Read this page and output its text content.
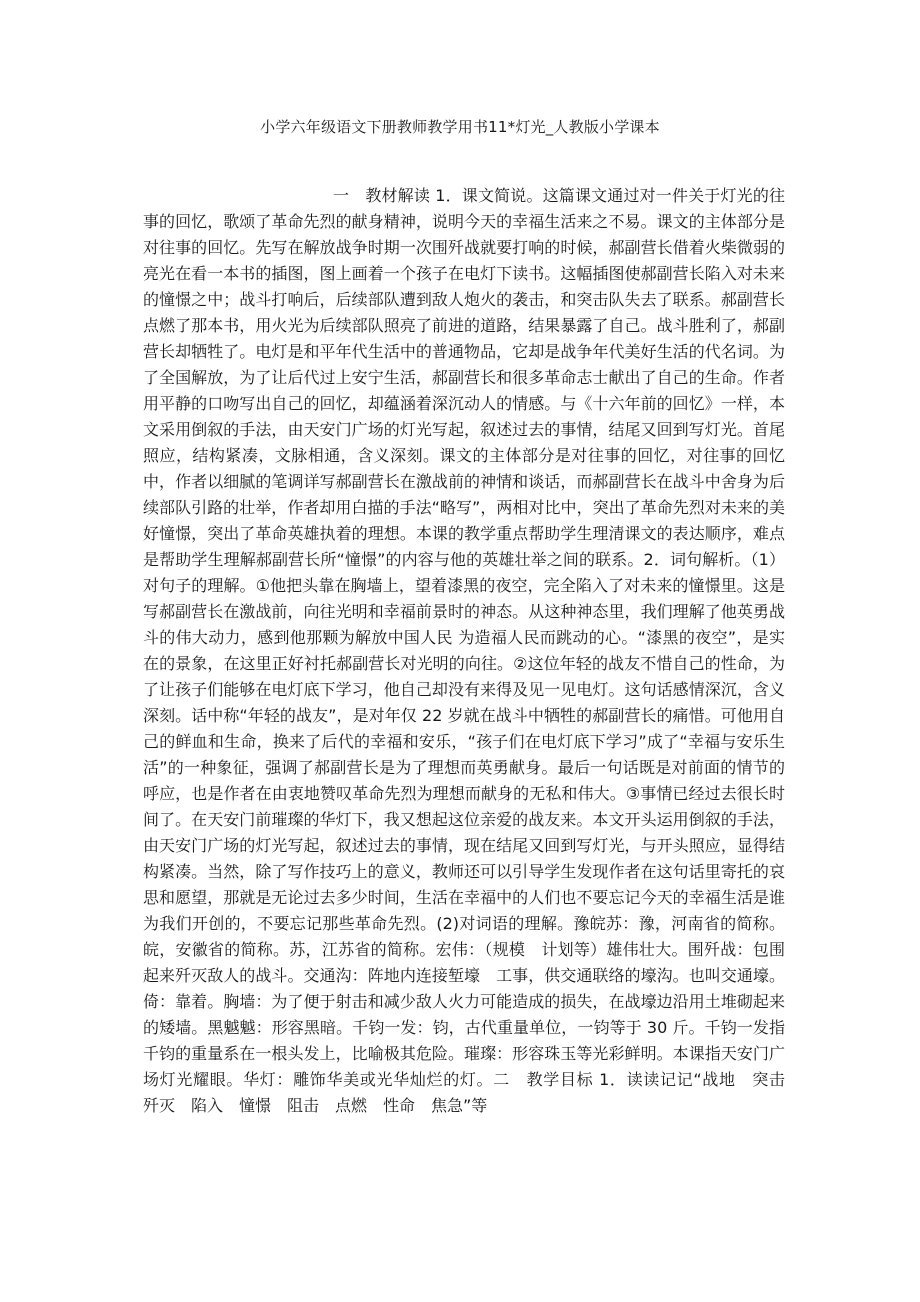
小学六年级语文下册教师教学用书11*灯光_人教版小学课本
一　教材解读 1．课文简说。这篇课文通过对一件关于灯光的往事的回忆，歌颂了革命先烈的献身精神，说明今天的幸福生活来之不易。课文的主体部分是对往事的回忆。先写在解放战争时期一次围歼战就要打响的时候，郝副营长借着火柴微弱的亮光在看一本书的插图，图上画着一个孩子在电灯下读书。这幅插图使郝副营长陷入对未来的憧憬之中；战斗打响后，后续部队遭到敌人炮火的袭击，和突击队失去了联系。郝副营长点燃了那本书，用火光为后续部队照亮了前进的道路，结果暴露了自己。战斗胜利了，郝副营长却牺牲了。电灯是和平年代生活中的普通物品，它却是战争年代美好生活的代名词。为了全国解放，为了让后代过上安宁生活，郝副营长和很多革命志士献出了自己的生命。作者用平静的口吻写出自己的回忆，却蕴涵着深沉动人的情感。与《十六年前的回忆》一样，本文采用倒叙的手法，由天安门广场的灯光写起，叙述过去的事情，结尾又回到写灯光。首尾照应，结构紧凑，文脉相通，含义深刻。课文的主体部分是对往事的回忆，对往事的回忆中，作者以细腻的笔调详写郝副营长在激战前的神情和谈话，而郝副营长在战斗中舍身为后续部队引路的壮举，作者却用白描的手法“略写”，两相对比中，突出了革命先烈对未来的美好憧憬，突出了革命英雄执着的理想。本课的教学重点帮助学生理清课文的表达顺序，难点是帮助学生理解郝副营长所“憧憬”的内容与他的英雄壮举之间的联系。2．词句解析。（1）对句子的理解。①他把头靠在胸墙上，望着漆黑的夜空，完全陷入了对未来的憧憬里。这是写郝副营长在激战前，向往光明和幸福前景时的神态。从这种神态里，我们理解了他英勇战斗的伟大动力，感到他那颗为解放中国人民 为造福人民而跳动的心。“漆黑的夜空”，是实在的景象，在这里正好衬托郝副营长对光明的向往。②这位年轻的战友不惜自己的性命，为了让孩子们能够在电灯底下学习，他自己却没有来得及见一见电灯。这句话感情深沉，含义深刻。话中称“年轻的战友”，是对年仅 22 岁就在战斗中牺牲的郝副营长的痛惜。可他用自己的鲜血和生命，换来了后代的幸福和安乐，“孩子们在电灯底下学习”成了“幸福与安乐生活”的一种象征，强调了郝副营长是为了理想而英勇献身。最后一句话既是对前面的情节的呼应，也是作者在由衷地赞叹革命先烈为理想而献身的无私和伟大。③事情已经过去很长时间了。在天安门前璀璨的华灯下，我又想起这位亲爱的战友来。本文开头运用倒叙的手法，由天安门广场的灯光写起，叙述过去的事情，现在结尾又回到写灯光，与开头照应，显得结构紧凑。当然，除了写作技巧上的意义，教师还可以引导学生发现作者在这句话里寄托的哀思和愿望，那就是无论过去多少时间，生活在幸福中的人们也不要忘记今天的幸福生活是谁为我们开创的，不要忘记那些革命先烈。(2)对词语的理解。豫皖苏：豫，河南省的简称。皖，安徽省的简称。苏，江苏省的简称。宏伟：（规模　计划等）雄伟壮大。围歼战：包围起来歼灭敌人的战斗。交通沟：阵地内连接堑壕　工事，供交通联络的壕沟。也叫交通壕。倚：靠着。胸墙：为了便于射击和减少敌人火力可能造成的损失，在战壕边沿用土堆砌起来的矮墙。黑魆魆：形容黑暗。千钧一发：钧，古代重量单位，一钧等于 30 斤。千钧一发指千钧的重量系在一根头发上，比喻极其危险。璀璨：形容珠玉等光彩鲜明。本课指天安门广场灯光耀眼。华灯：雕饰华美或光华灿烂的灯。二　教学目标 1．读读记记“战地　突击　歼灭　陷入　憧憬　阻击　点燃　性命　焦急”等
